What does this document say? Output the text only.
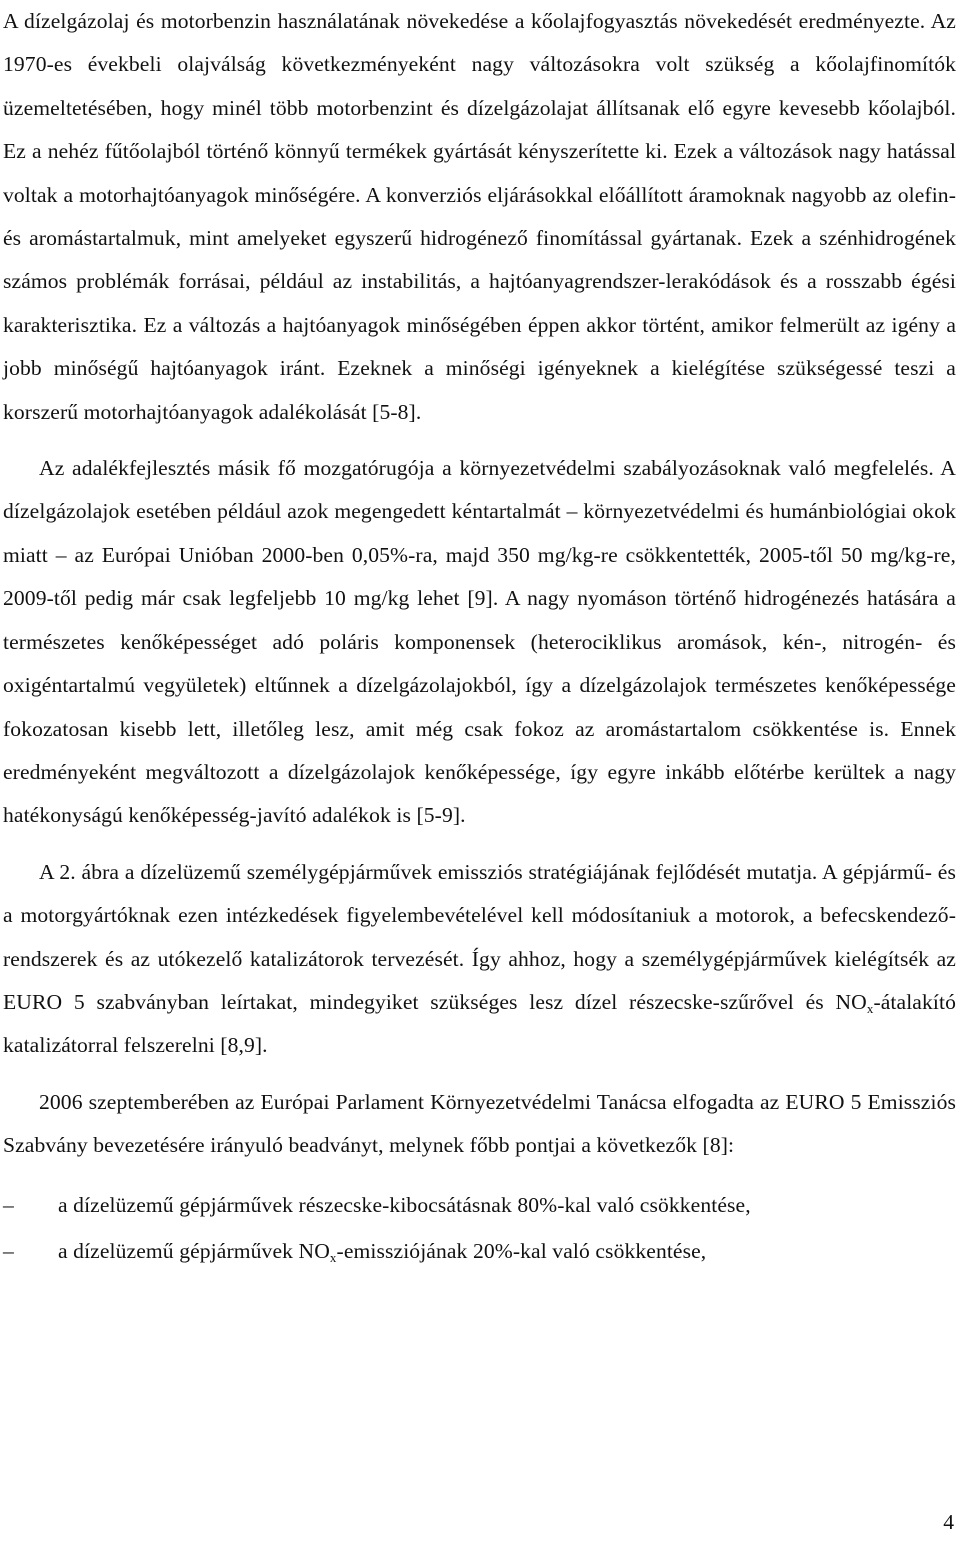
A dízelgázolaj és motorbenzin használatának növekedése a kőolajfogyasztás növekedését eredményezte. Az 1970-es évekbeli olajválság következményeként nagy változásokra volt szükség a kőolajfinomítók üzemeltetésében, hogy minél több motorbenzint és dízelgázolajat állítsanak elő egyre kevesebb kőolajból. Ez a nehéz fűtőolajból történő könnyű termékek gyártását kényszerítette ki. Ezek a változások nagy hatással voltak a motorhajtóanyagok minőségére. A konverziós eljárásokkal előállított áramoknak nagyobb az olefin- és aromástartalmuk, mint amelyeket egyszerű hidrogénező finomítással gyártanak. Ezek a szénhidrogének számos problémák forrásai, például az instabilitás, a hajtóanyagrendszer-lerakódások és a rosszabb égési karakterisztika. Ez a változás a hajtóanyagok minőségében éppen akkor történt, amikor felmerült az igény a jobb minőségű hajtóanyagok iránt. Ezeknek a minőségi igényeknek a kielégítése szükségessé teszi a korszerű motorhajtóanyagok adalékolását [5-8].

Az adalékfejlesztés másik fő mozgatórugója a környezetvédelmi szabályozásoknak való megfelelés. A dízelgázolajok esetében például azok megengedett kéntartalmát – környezetvédelmi és humánbiológiai okok miatt – az Európai Unióban 2000-ben 0,05%-ra, majd 350 mg/kg-re csökkentették, 2005-től 50 mg/kg-re, 2009-től pedig már csak legfeljebb 10 mg/kg lehet [9]. A nagy nyomáson történő hidrogénezés hatására a természetes kenőképességet adó poláris komponensek (heterociklikus aromások, kén-, nitrogén- és oxigéntartalmú vegyületek) eltűnnek a dízelgázolajokból, így a dízelgázolajok természetes kenőképessége fokozatosan kisebb lett, illetőleg lesz, amit még csak fokoz az aromástartalom csökkentése is. Ennek eredményeként megváltozott a dízelgázolajok kenőképessége, így egyre inkább előtérbe kerültek a nagy hatékonyságú kenőképesség-javító adalékok is [5-9].

A 2. ábra a dízelüzemű személygépjárművek emissziós stratégiájának fejlődését mutatja. A gépjármű- és a motorgyártóknak ezen intézkedések figyelembevételével kell módosítaniuk a motorok, a befecskendező-rendszerek és az utókezelő katalizátorok tervezését. Így ahhoz, hogy a személygépjárművek kielégítsék az EURO 5 szabványban leírtakat, mindegyiket szükséges lesz dízel részecske-szűrővel és $NO_x$-átalakító katalizátorral felszerelni [8,9].

2006 szeptemberében az Európai Parlament Környezetvédelmi Tanácsa elfogadta az EURO 5 Emissziós Szabvány bevezetésére irányuló beadványt, melynek főbb pontjai a következők [8]:

– a dízelüzemű gépjárművek részecske-kibocsátásnak 80%-kal való csökkentése,
– a dízelüzemű gépjárművek $NO_x$-emissziójának 20%-kal való csökkentése,
4
